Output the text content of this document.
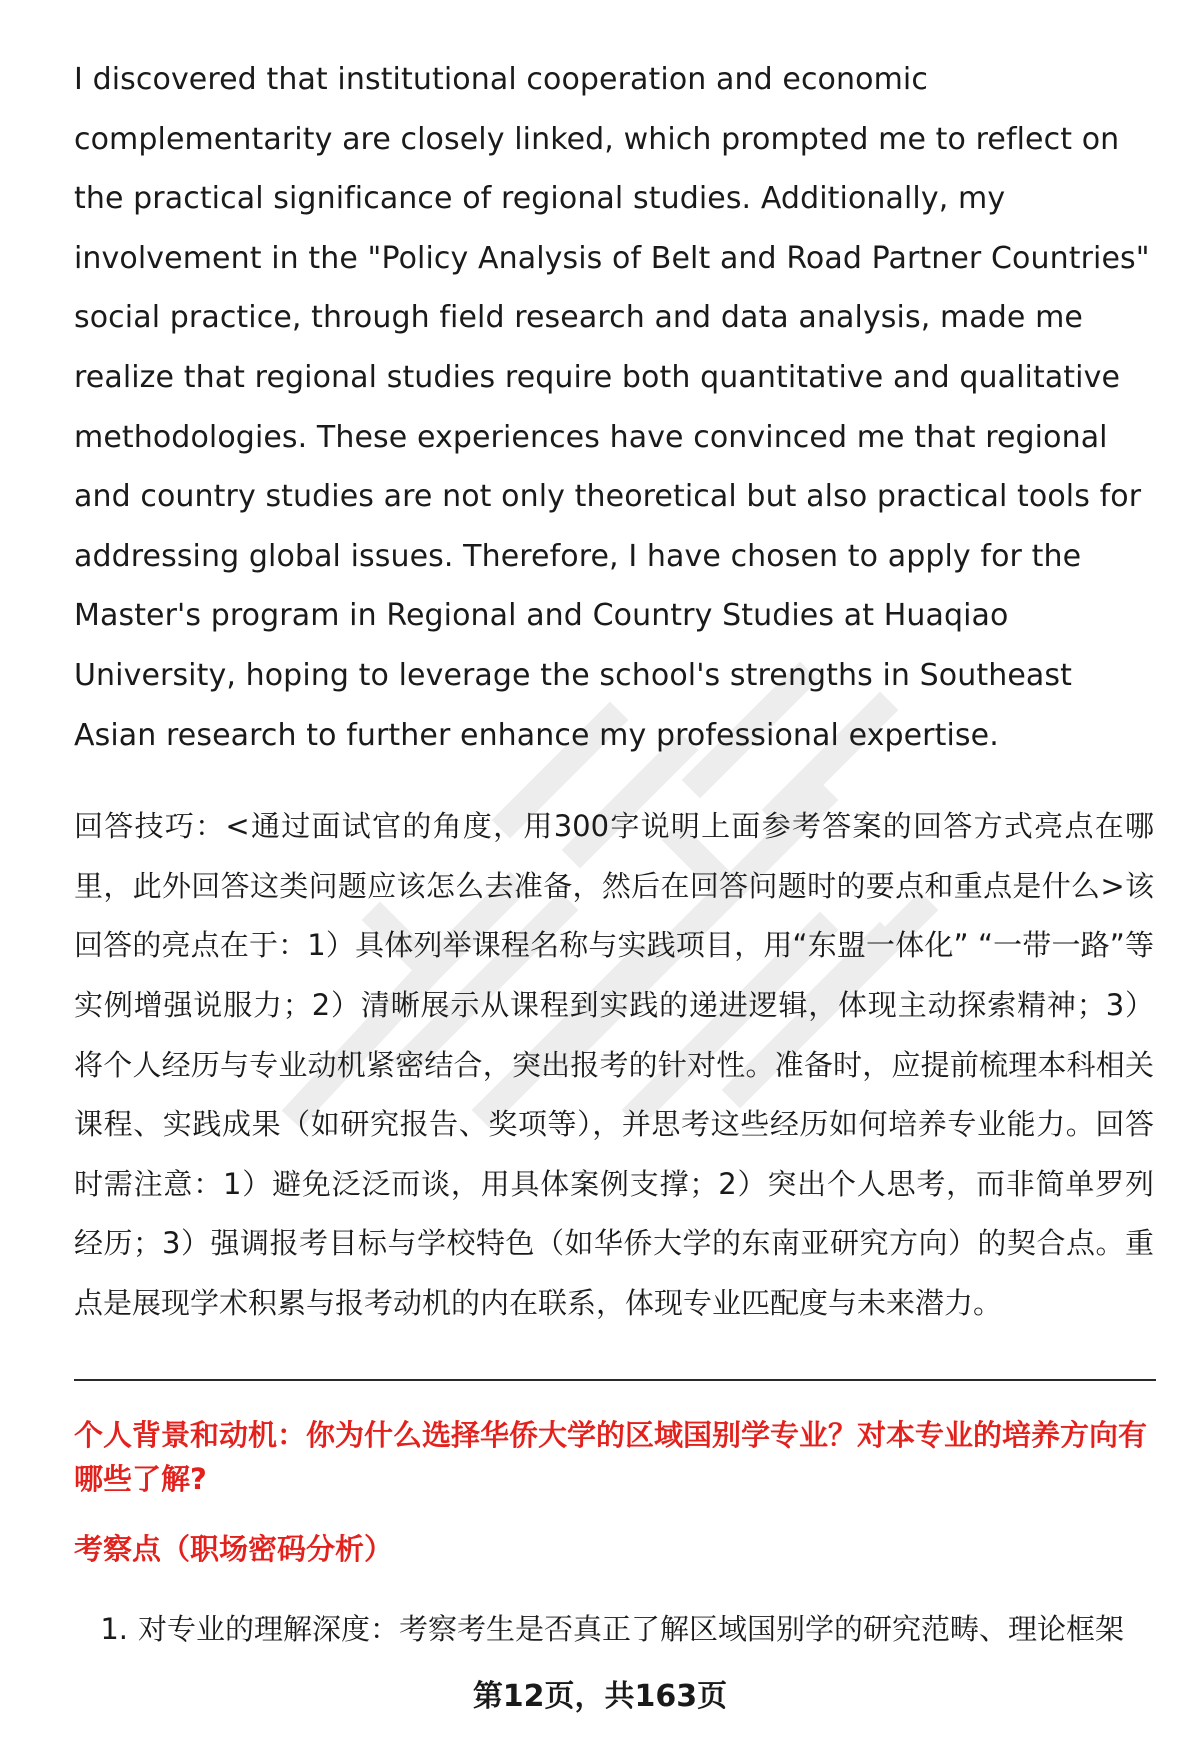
I discovered that institutional cooperation and economic complementarity are closely linked, which prompted me to reflect on the practical significance of regional studies. Additionally, my involvement in the "Policy Analysis of Belt and Road Partner Countries" social practice, through field research and data analysis, made me realize that regional studies require both quantitative and qualitative methodologies. These experiences have convinced me that regional and country studies are not only theoretical but also practical tools for addressing global issues. Therefore, I have chosen to apply for the Master's program in Regional and Country Studies at Huaqiao University, hoping to leverage the school's strengths in Southeast Asian research to further enhance my professional expertise.

回答技巧：<通过面试官的角度，用300字说明上面参考答案的回答方式亮点在哪里，此外回答这类问题应该怎么去准备，然后在回答问题时的要点和重点是什么>该回答的亮点在于：1）具体列举课程名称与实践项目，用“东盟一体化” “一带一路”等实例增强说服力；2）清晰展示从课程到实践的递进逻辑，体现主动探索精神；3）将个人经历与专业动机紧密结合，突出报考的针对性。准备时，应提前梳理本科相关课程、实践成果（如研究报告、奖项等），并思考这些经历如何培养专业能力。回答时需注意：1）避免泛泛而谈，用具体案例支撑；2）突出个人思考，而非简单罗列经历；3）强调报考目标与学校特色（如华侨大学的东南亚研究方向）的契合点。重点是展现学术积累与报考动机的内在联系，体现专业匹配度与未来潜力。

个人背景和动机：你为什么选择华侨大学的区域国别学专业？对本专业的培养方向有哪些了解?
考察点（职场密码分析）
1. 对专业的理解深度：考察考生是否真正了解区域国别学的研究范畴、理论框架
第12页，共163页
